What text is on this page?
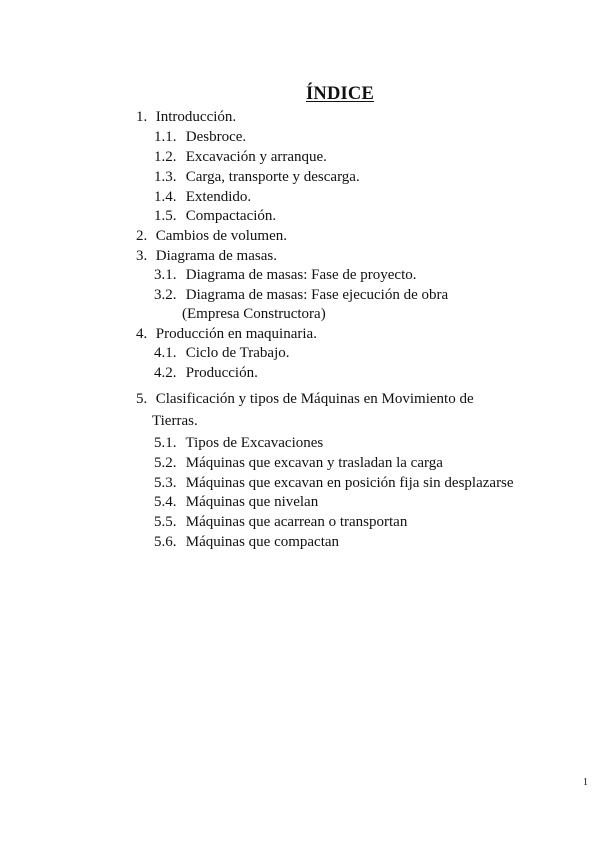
ÍNDICE
1. Introducción.
1.1. Desbroce.
1.2. Excavación y arranque.
1.3. Carga, transporte y descarga.
1.4. Extendido.
1.5. Compactación.
2. Cambios de volumen.
3. Diagrama de masas.
3.1. Diagrama de masas: Fase de proyecto.
3.2. Diagrama de masas: Fase ejecución de obra
(Empresa Constructora)
4. Producción en maquinaria.
4.1. Ciclo de Trabajo.
4.2. Producción.
5. Clasificación y tipos de Máquinas en Movimiento de
Tierras.
5.1. Tipos de Excavaciones
5.2. Máquinas que excavan y trasladan la carga
5.3. Máquinas que excavan en posición fija sin desplazarse
5.4. Máquinas que nivelan
5.5. Máquinas que acarrean o transportan
5.6. Máquinas que compactan
1
